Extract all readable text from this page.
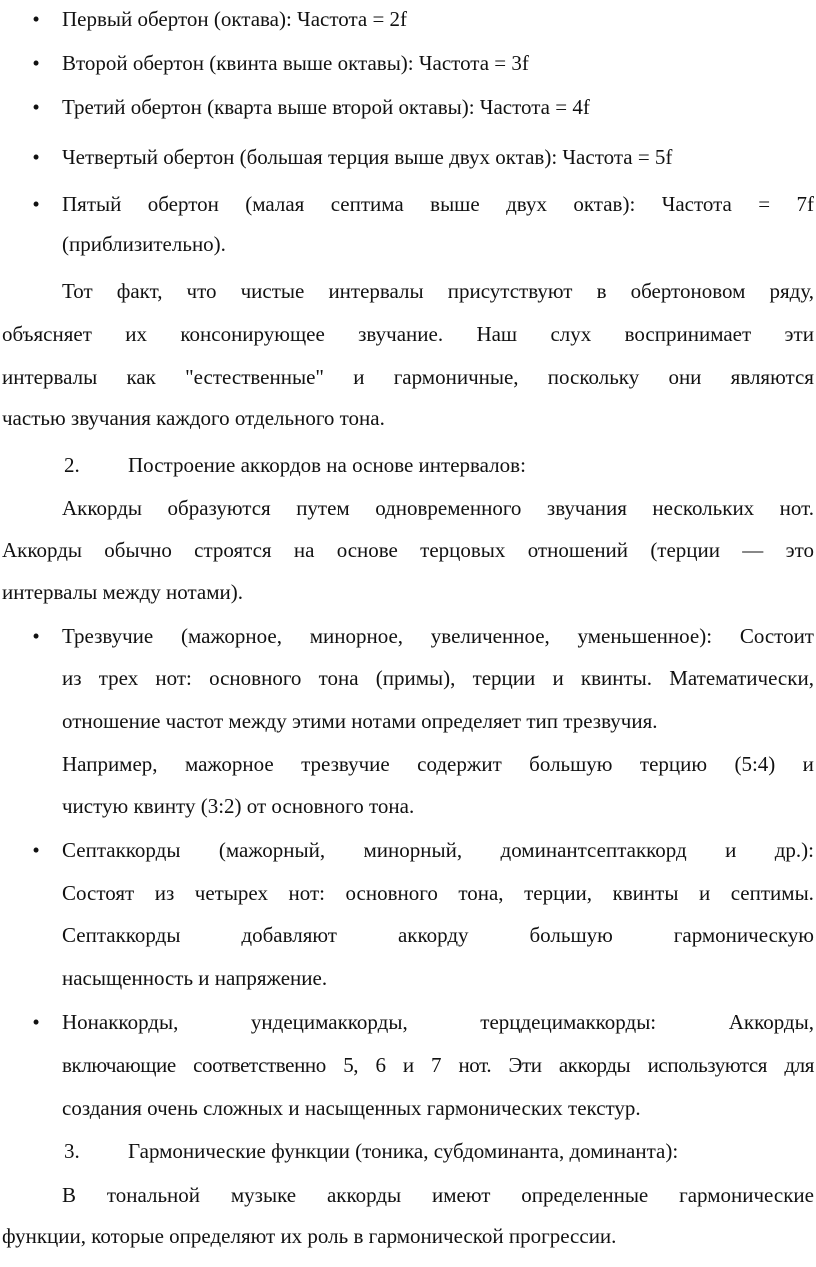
• Первый обертон (октава): Частота = 2f
• Второй обертон (квинта выше октавы): Частота = 3f
• Третий обертон (кварта выше второй октавы): Частота = 4f
• Четвертый обертон (большая терция выше двух октав): Частота = 5f
• Пятый обертон (малая септима выше двух октав): Частота = 7f
(приблизительно).
Тот факт, что чистые интервалы присутствуют в обертоновом ряду,
объясняет их консонирующее звучание. Наш слух воспринимает эти
интервалы как "естественные" и гармоничные, поскольку они являются
частью звучания каждого отдельного тона.
2. Построение аккордов на основе интервалов:
Аккорды образуются путем одновременного звучания нескольких нот.
Аккорды обычно строятся на основе терцовых отношений (терции — это
интервалы между нотами).
• Трезвучие (мажорное, минорное, увеличенное, уменьшенное): Состоит
из трех нот: основного тона (примы), терции и квинты. Математически,
отношение частот между этими нотами определяет тип трезвучия.
Например, мажорное трезвучие содержит большую терцию (5:4) и
чистую квинту (3:2) от основного тона.
• Септаккорды (мажорный, минорный, доминантсептаккорд и др.):
Состоят из четырех нот: основного тона, терции, квинты и септимы.
Септаккорды	добавляют	аккорду	большую	гармоническую
насыщенность и напряжение.
• Нонаккорды,	ундецимаккорды,	терцдецимаккорды:	Аккорды,
включающие соответственно 5, 6 и 7 нот. Эти аккорды используются для
создания очень сложных и насыщенных гармонических текстур.
3. Гармонические функции (тоника, субдоминанта, доминанта):
В тональной музыке аккорды имеют определенные гармонические
функции, которые определяют их роль в гармонической прогрессии.
